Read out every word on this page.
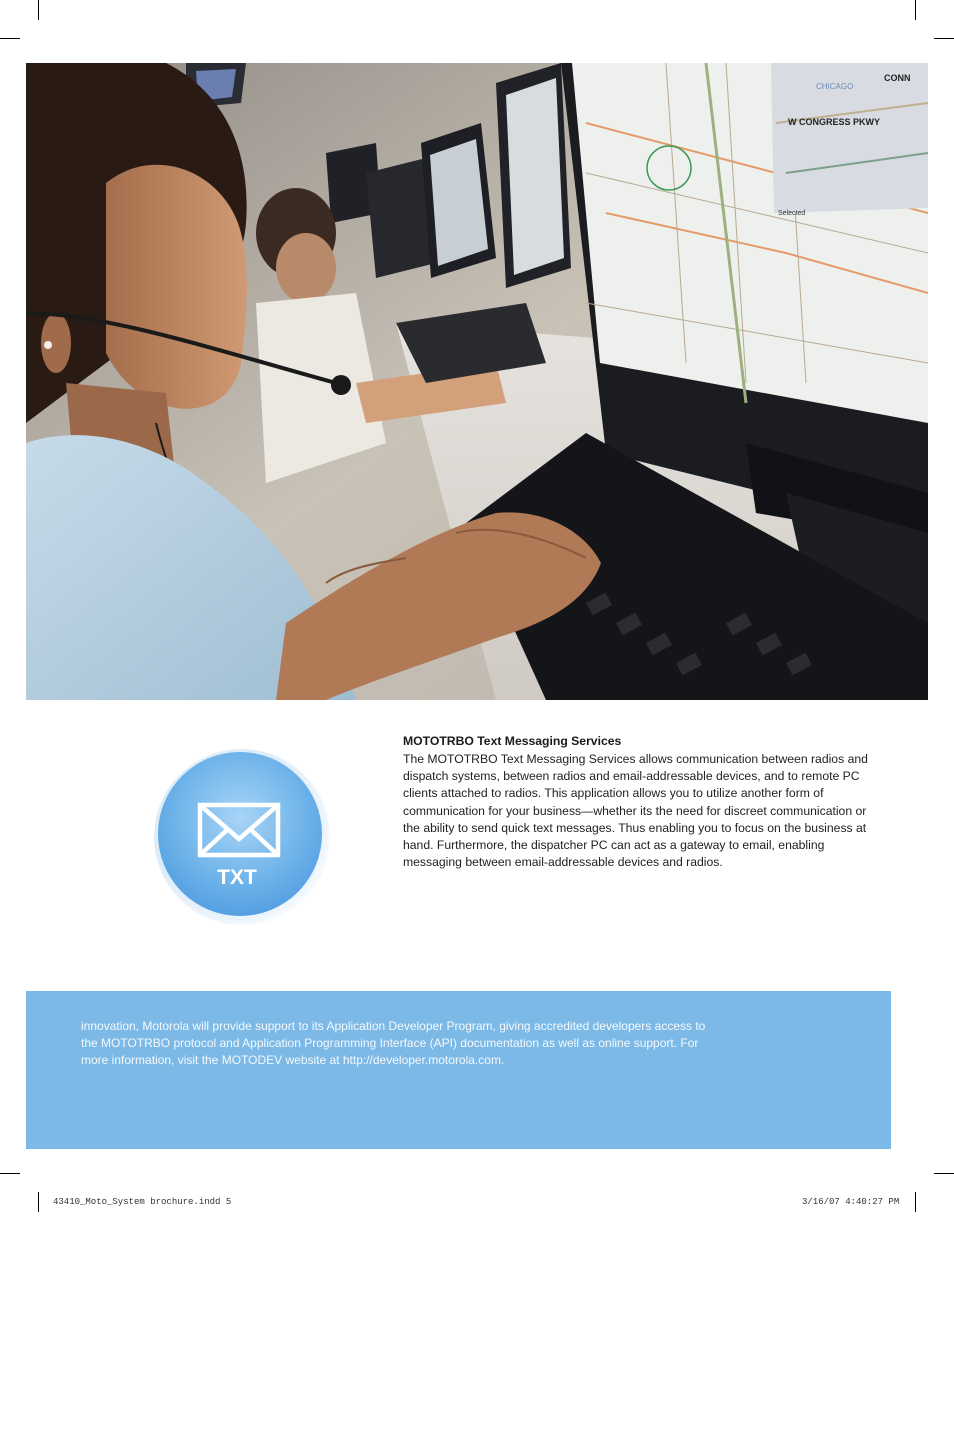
W CONGRESS PKWY
CHICAGO
CONN
Selected
TXT
MOTOTRBO Text Messaging Services

The MOTOTRBO Text Messaging Services allows communication between radios and dispatch systems, between radios and email-addressable devices, and to remote PC clients attached to radios. This application allows you to utilize another form of communication for your business—whether its the need for discreet communication or the ability to send quick text messages. Thus enabling you to focus on the business at hand. Furthermore, the dispatcher PC can act as a gateway to email, enabling messaging between email-addressable devices and radios.

innovation, Motorola will provide support to its Application Developer Program, giving accredited developers access to the MOTOTRBO protocol and Application Programming Interface (API) documentation as well as online support. For more information, visit the MOTODEV website at http://developer.motorola.com.

5
43410_Moto_System brochure.indd 5	3/16/07 4:40:27 PM
